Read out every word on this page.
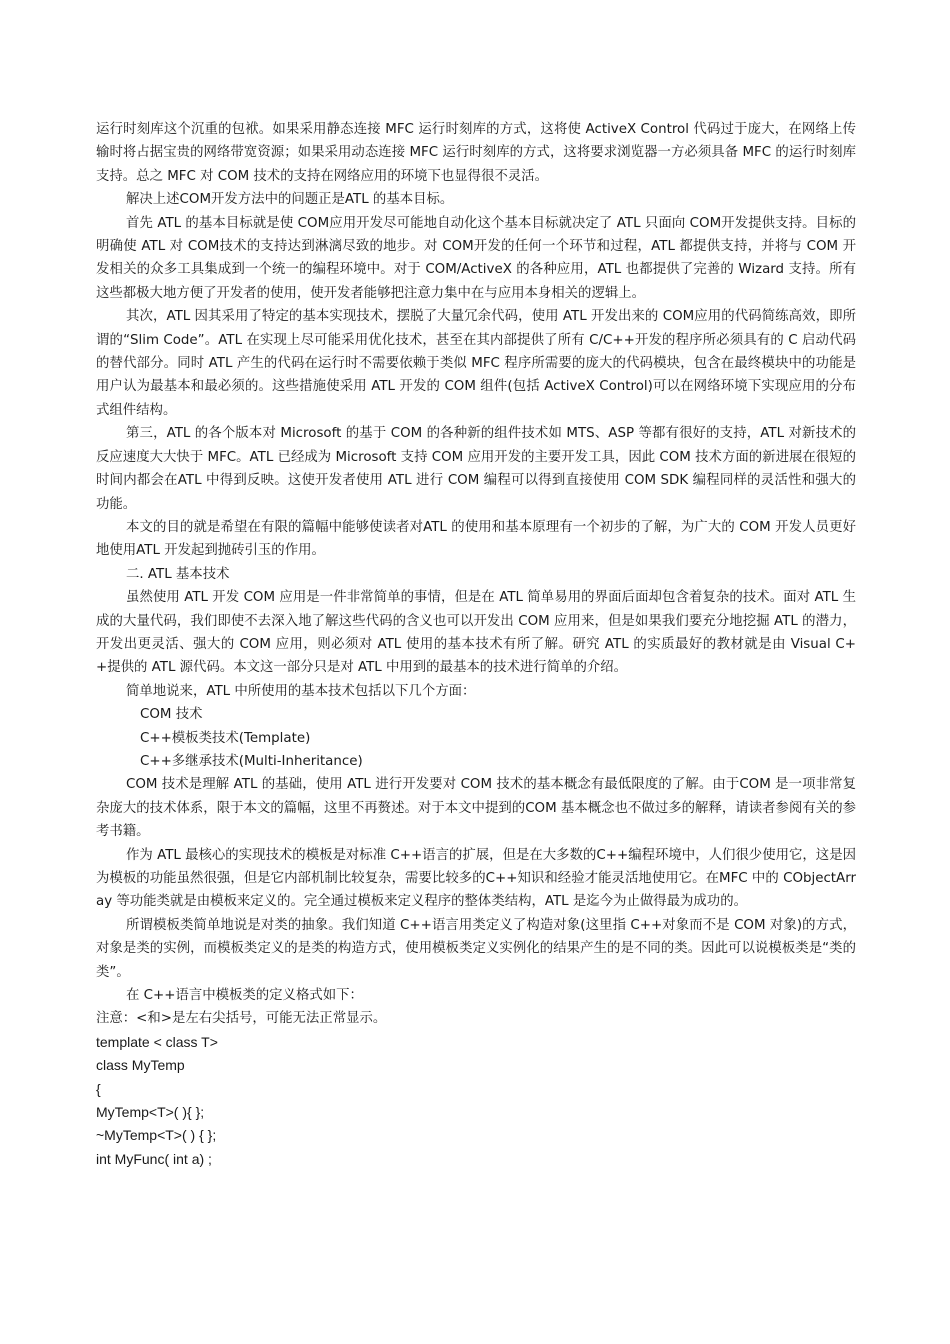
运行时刻库这个沉重的包袱。如果采用静态连接 MFC 运行时刻库的方式，这将使 ActiveX Control 代码过于庞大，在网络上传输时将占据宝贵的网络带宽资源；如果采用动态连接 MFC 运行时刻库的方式，这将要求浏览器一方必须具备 MFC 的运行时刻库支持。总之 MFC 对 COM 技术的支持在网络应用的环境下也显得很不灵活。

解决上述COM开发方法中的问题正是ATL 的基本目标。

首先 ATL 的基本目标就是使 COM应用开发尽可能地自动化这个基本目标就决定了 ATL 只面向 COM开发提供支持。目标的明确使 ATL 对 COM技术的支持达到淋漓尽致的地步。对 COM开发的任何一个环节和过程，ATL 都提供支持，并将与 COM 开发相关的众多工具集成到一个统一的编程环境中。对于 COM/ActiveX 的各种应用，ATL 也都提供了完善的 Wizard 支持。所有这些都极大地方便了开发者的使用，使开发者能够把注意力集中在与应用本身相关的逻辑上。

其次，ATL 因其采用了特定的基本实现技术，摆脱了大量冗余代码，使用 ATL 开发出来的 COM应用的代码简练高效，即所谓的“Slim Code”。ATL 在实现上尽可能采用优化技术，甚至在其内部提供了所有 C/C++开发的程序所必须具有的 C 启动代码的替代部分。同时 ATL 产生的代码在运行时不需要依赖于类似 MFC 程序所需要的庞大的代码模块，包含在最终模块中的功能是用户认为最基本和最必须的。这些措施使采用 ATL 开发的 COM 组件(包括 ActiveX Control)可以在网络环境下实现应用的分布式组件结构。

第三，ATL 的各个版本对 Microsoft 的基于 COM 的各种新的组件技术如 MTS、ASP 等都有很好的支持，ATL 对新技术的反应速度大大快于 MFC。ATL 已经成为 Microsoft 支持 COM 应用开发的主要开发工具，因此 COM 技术方面的新进展在很短的时间内都会在ATL 中得到反映。这使开发者使用 ATL 进行 COM 编程可以得到直接使用 COM SDK 编程同样的灵活性和强大的功能。

本文的目的就是希望在有限的篇幅中能够使读者对ATL 的使用和基本原理有一个初步的了解，为广大的 COM 开发人员更好地使用ATL 开发起到抛砖引玉的作用。

二. ATL 基本技术

虽然使用 ATL 开发 COM 应用是一件非常简单的事情，但是在 ATL 简单易用的界面后面却包含着复杂的技术。面对 ATL 生成的大量代码，我们即使不去深入地了解这些代码的含义也可以开发出 COM 应用来，但是如果我们要充分地挖掘 ATL 的潜力，开发出更灵活、强大的 COM 应用，则必须对 ATL 使用的基本技术有所了解。研究 ATL 的实质最好的教材就是由 Visual C++提供的 ATL 源代码。本文这一部分只是对 ATL 中用到的最基本的技术进行简单的介绍。

简单地说来，ATL 中所使用的基本技术包括以下几个方面：

COM 技术

C++模板类技术(Template)

C++多继承技术(Multi-Inheritance)

COM 技术是理解 ATL 的基础，使用 ATL 进行开发要对 COM 技术的基本概念有最低限度的了解。由于COM 是一项非常复杂庞大的技术体系，限于本文的篇幅，这里不再赘述。对于本文中提到的COM 基本概念也不做过多的解释，请读者参阅有关的参考书籍。

作为 ATL 最核心的实现技术的模板是对标准 C++语言的扩展，但是在大多数的C++编程环境中，人们很少使用它，这是因为模板的功能虽然很强，但是它内部机制比较复杂，需要比较多的C++知识和经验才能灵活地使用它。在MFC 中的 CObjectArray 等功能类就是由模板来定义的。完全通过模板来定义程序的整体类结构，ATL 是迄今为止做得最为成功的。

所谓模板类简单地说是对类的抽象。我们知道 C++语言用类定义了构造对象(这里指 C++对象而不是 COM 对象)的方式，对象是类的实例，而模板类定义的是类的构造方式，使用模板类定义实例化的结果产生的是不同的类。因此可以说模板类是“类的类”。

在 C++语言中模板类的定义格式如下：

注意：<和>是左右尖括号，可能无法正常显示。

template < class T>

class MyTemp

{

MyTemp<T>( ){ };

~MyTemp<T>( ) { };

int MyFunc( int a) ;
